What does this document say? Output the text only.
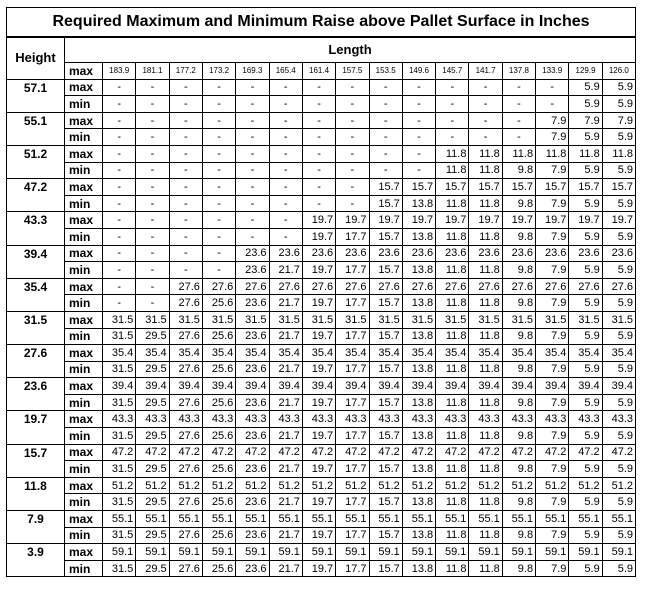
Required Maximum and Minimum Raise above Pallet Surface in Inches																	
Height	Length																
	max	183.9	181.1	177.2	173.2	169.3	165.4	161.4	157.5	153.5	149.6	145.7	141.7	137.8	133.9	129.9	126.0
57.1	max	-	-	-	-	-	-	-	-	-	-	-	-	-	-	5.9	5.9
	min	-	-	-	-	-	-	-	-	-	-	-	-	-	-	5.9	5.9
55.1	max	-	-	-	-	-	-	-	-	-	-	-	-	-	7.9	7.9	7.9
	min	-	-	-	-	-	-	-	-	-	-	-	-	-	7.9	5.9	5.9
51.2	max	-	-	-	-	-	-	-	-	-	-	11.8	11.8	11.8	11.8	11.8	11.8
	min	-	-	-	-	-	-	-	-	-	-	11.8	11.8	9.8	7.9	5.9	5.9
47.2	max	-	-	-	-	-	-	-	-	15.7	15.7	15.7	15.7	15.7	15.7	15.7	15.7
	min	-	-	-	-	-	-	-	-	15.7	13.8	11.8	11.8	9.8	7.9	5.9	5.9
43.3	max	-	-	-	-	-	-	19.7	19.7	19.7	19.7	19.7	19.7	19.7	19.7	19.7	19.7
	min	-	-	-	-	-	-	19.7	17.7	15.7	13.8	11.8	11.8	9.8	7.9	5.9	5.9
39.4	max	-	-	-	-	23.6	23.6	23.6	23.6	23.6	23.6	23.6	23.6	23.6	23.6	23.6	23.6
	min	-	-	-	-	23.6	21.7	19.7	17.7	15.7	13.8	11.8	11.8	9.8	7.9	5.9	5.9
35.4	max	-	-	27.6	27.6	27.6	27.6	27.6	27.6	27.6	27.6	27.6	27.6	27.6	27.6	27.6	27.6
	min	-	-	27.6	25.6	23.6	21.7	19.7	17.7	15.7	13.8	11.8	11.8	9.8	7.9	5.9	5.9
31.5	max	31.5	31.5	31.5	31.5	31.5	31.5	31.5	31.5	31.5	31.5	31.5	31.5	31.5	31.5	31.5	31.5
	min	31.5	29.5	27.6	25.6	23.6	21.7	19.7	17.7	15.7	13.8	11.8	11.8	9.8	7.9	5.9	5.9
27.6	max	35.4	35.4	35.4	35.4	35.4	35.4	35.4	35.4	35.4	35.4	35.4	35.4	35.4	35.4	35.4	35.4
	min	31.5	29.5	27.6	25.6	23.6	21.7	19.7	17.7	15.7	13.8	11.8	11.8	9.8	7.9	5.9	5.9
23.6	max	39.4	39.4	39.4	39.4	39.4	39.4	39.4	39.4	39.4	39.4	39.4	39.4	39.4	39.4	39.4	39.4
	min	31.5	29.5	27.6	25.6	23.6	21.7	19.7	17.7	15.7	13.8	11.8	11.8	9.8	7.9	5.9	5.9
19.7	max	43.3	43.3	43.3	43.3	43.3	43.3	43.3	43.3	43.3	43.3	43.3	43.3	43.3	43.3	43.3	43.3
	min	31.5	29.5	27.6	25.6	23.6	21.7	19.7	17.7	15.7	13.8	11.8	11.8	9.8	7.9	5.9	5.9
15.7	max	47.2	47.2	47.2	47.2	47.2	47.2	47.2	47.2	47.2	47.2	47.2	47.2	47.2	47.2	47.2	47.2
	min	31.5	29.5	27.6	25.6	23.6	21.7	19.7	17.7	15.7	13.8	11.8	11.8	9.8	7.9	5.9	5.9
11.8	max	51.2	51.2	51.2	51.2	51.2	51.2	51.2	51.2	51.2	51.2	51.2	51.2	51.2	51.2	51.2	51.2
	min	31.5	29.5	27.6	25.6	23.6	21.7	19.7	17.7	15.7	13.8	11.8	11.8	9.8	7.9	5.9	5.9
7.9	max	55.1	55.1	55.1	55.1	55.1	55.1	55.1	55.1	55.1	55.1	55.1	55.1	55.1	55.1	55.1	55.1
	min	31.5	29.5	27.6	25.6	23.6	21.7	19.7	17.7	15.7	13.8	11.8	11.8	9.8	7.9	5.9	5.9
3.9	max	59.1	59.1	59.1	59.1	59.1	59.1	59.1	59.1	59.1	59.1	59.1	59.1	59.1	59.1	59.1	59.1
	min	31.5	29.5	27.6	25.6	23.6	21.7	19.7	17.7	15.7	13.8	11.8	11.8	9.8	7.9	5.9	5.9
